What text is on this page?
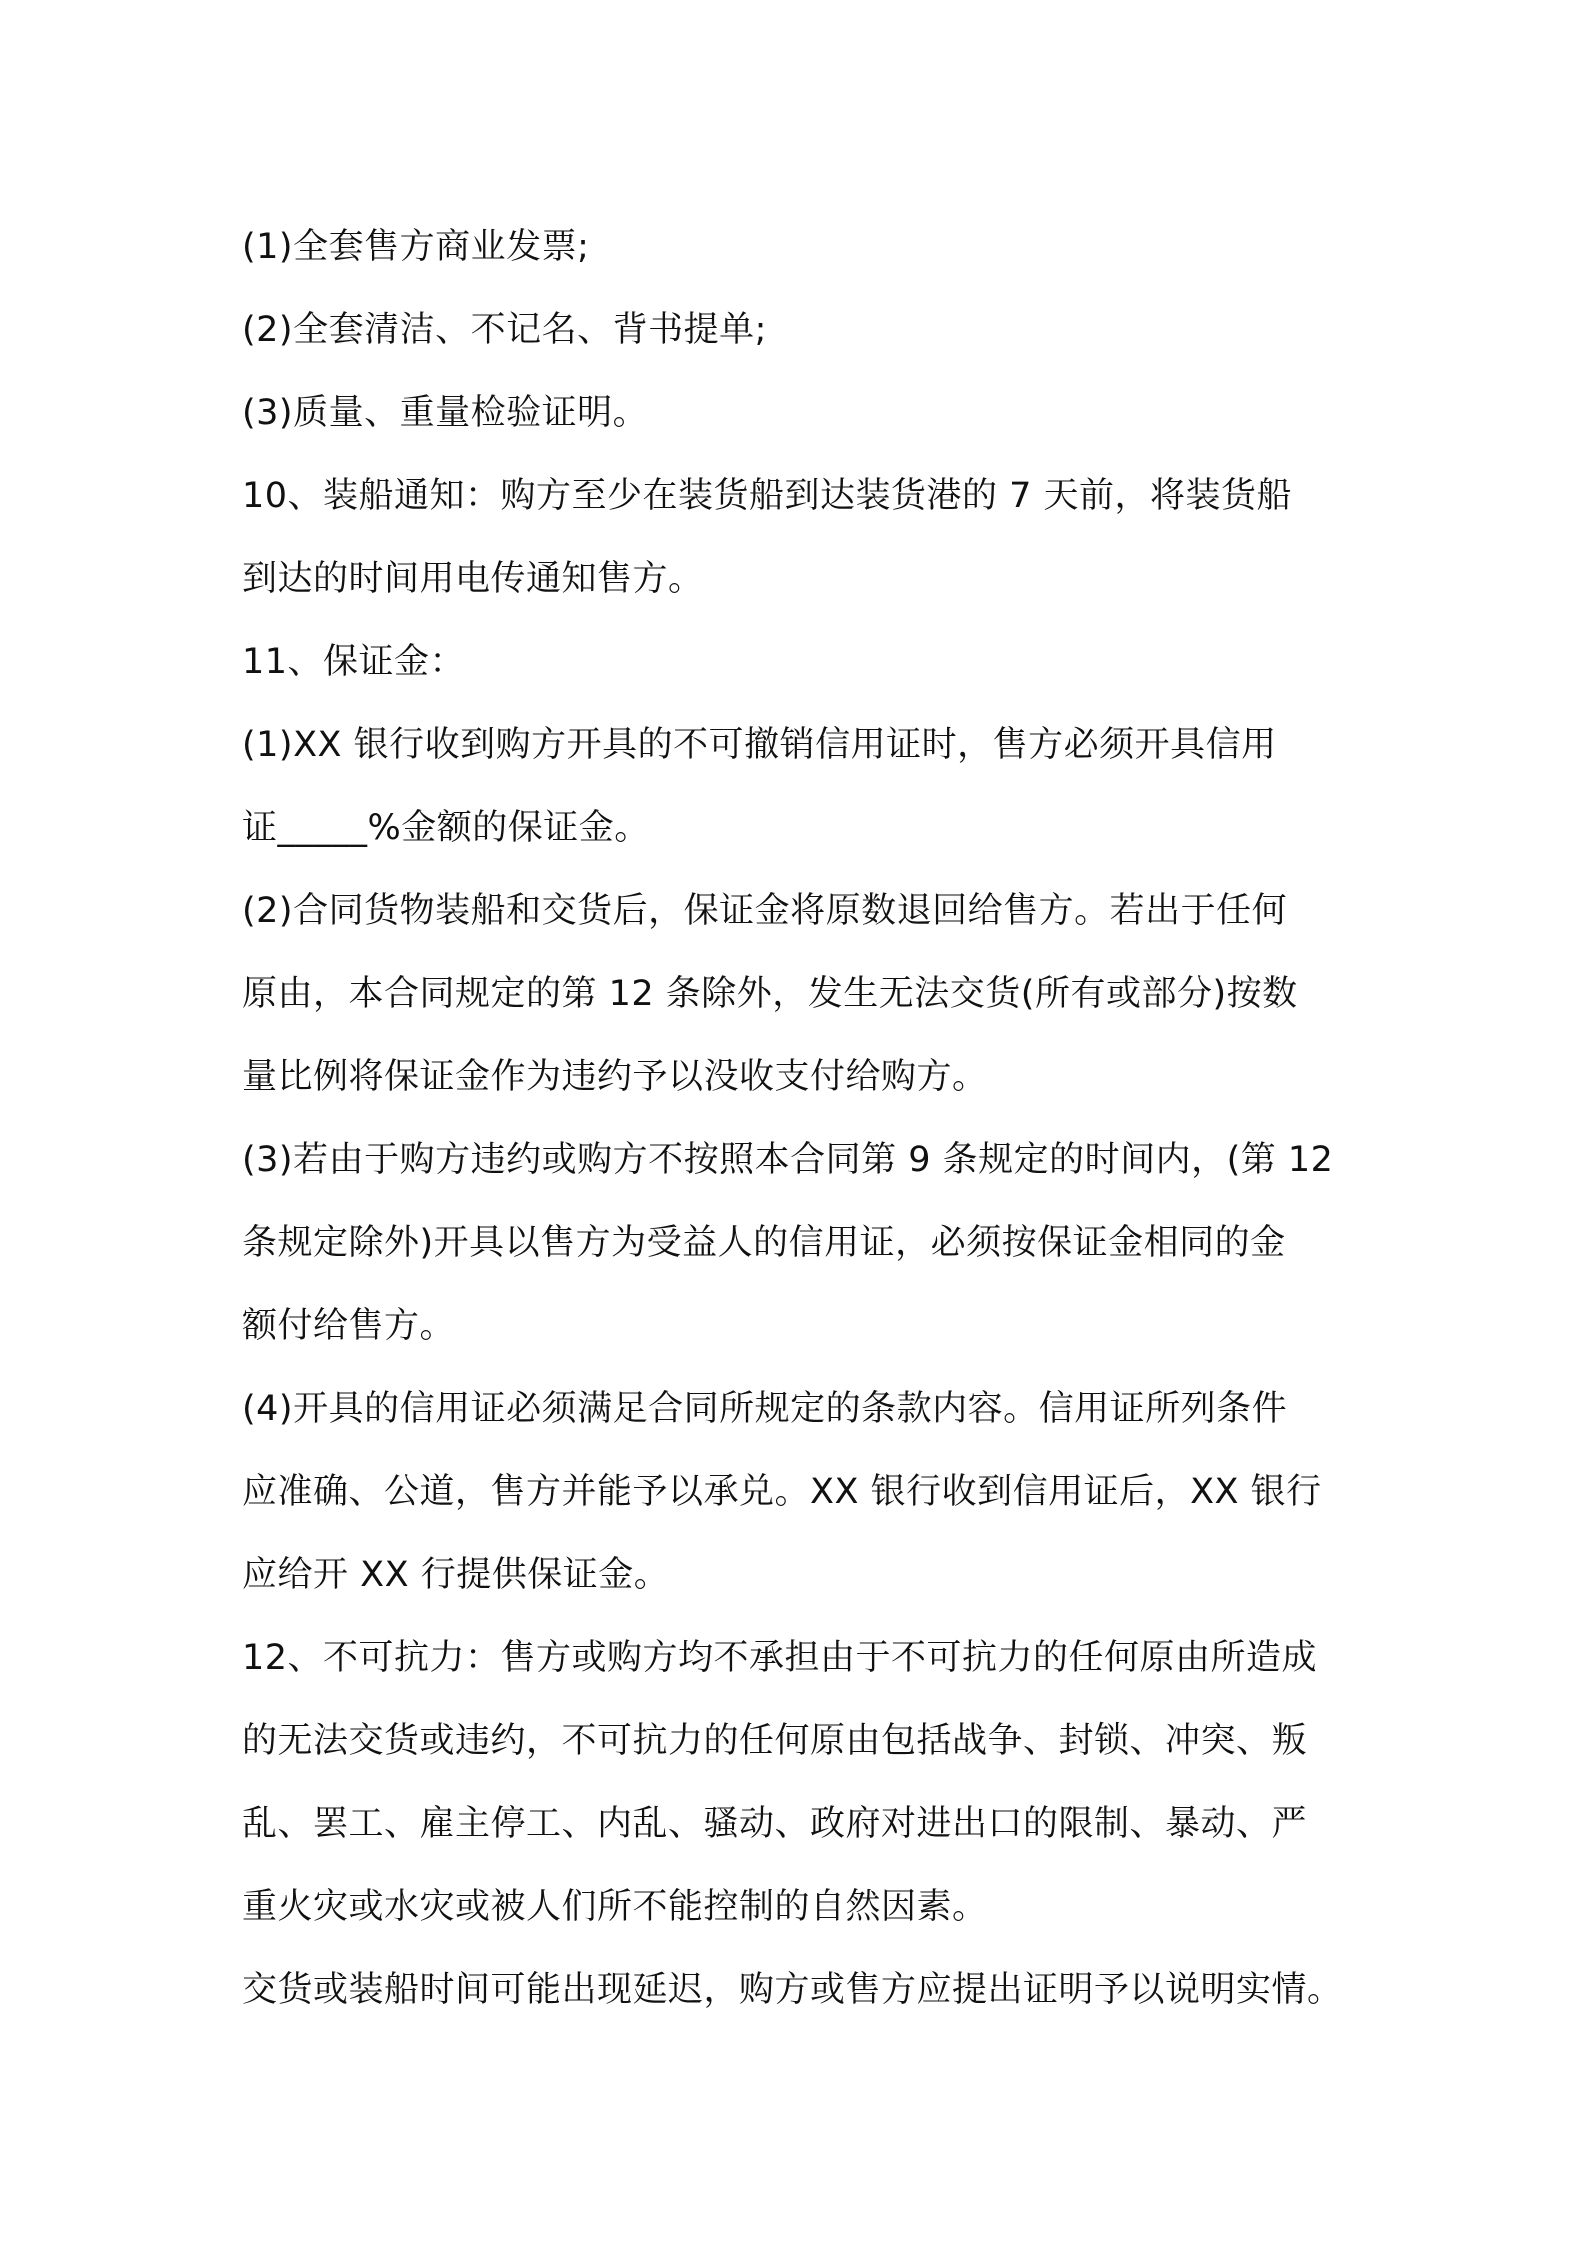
(1)全套售方商业发票;
(2)全套清洁、不记名、背书提单;
(3)质量、重量检验证明。
10、装船通知：购方至少在装货船到达装货港的 7 天前，将装货船
到达的时间用电传通知售方。
11、保证金：
(1)XX 银行收到购方开具的不可撤销信用证时，售方必须开具信用
证_____%金额的保证金。
(2)合同货物装船和交货后，保证金将原数退回给售方。若出于任何
原由，本合同规定的第 12 条除外，发生无法交货(所有或部分)按数
量比例将保证金作为违约予以没收支付给购方。
(3)若由于购方违约或购方不按照本合同第 9 条规定的时间内，(第 12
条规定除外)开具以售方为受益人的信用证，必须按保证金相同的金
额付给售方。
(4)开具的信用证必须满足合同所规定的条款内容。信用证所列条件
应准确、公道，售方并能予以承兑。XX 银行收到信用证后，XX 银行
应给开 XX 行提供保证金。
12、不可抗力：售方或购方均不承担由于不可抗力的任何原由所造成
的无法交货或违约，不可抗力的任何原由包括战争、封锁、冲突、叛
乱、罢工、雇主停工、内乱、骚动、政府对进出口的限制、暴动、严
重火灾或水灾或被人们所不能控制的自然因素。
交货或装船时间可能出现延迟，购方或售方应提出证明予以说明实情。
